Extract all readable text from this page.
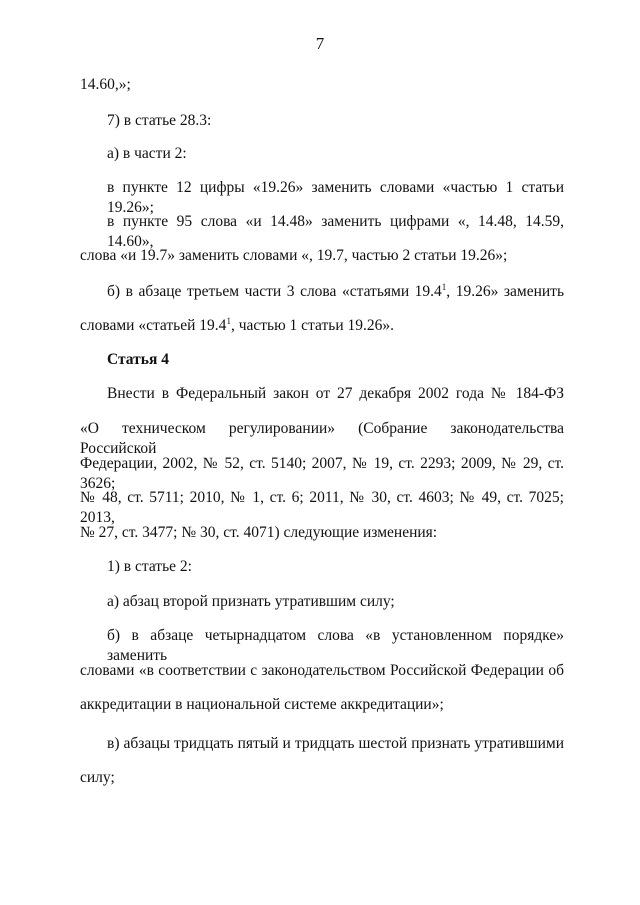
7
14.60,»;
7) в статье 28.3:
а) в части 2:
в пункте 12 цифры «19.26» заменить словами «частью 1 статьи 19.26»;
в пункте 95 слова «и 14.48» заменить цифрами «, 14.48, 14.59, 14.60»,
слова «и 19.7» заменить словами «, 19.7, частью 2 статьи 19.26»;
б) в абзаце третьем части 3 слова «статьями 19.4$^1$, 19.26» заменить
словами «статьей 19.4$^1$, частью 1 статьи 19.26».
Статья 4
Внести в Федеральный закон от 27 декабря 2002 года № 184-ФЗ
«О техническом регулировании» (Собрание законодательства Российской
Федерации, 2002, № 52, ст. 5140; 2007, № 19, ст. 2293; 2009, № 29, ст. 3626;
№ 48, ст. 5711; 2010, № 1, ст. 6; 2011, № 30, ст. 4603; № 49, ст. 7025; 2013,
№ 27, ст. 3477; № 30, ст. 4071) следующие изменения:
1) в статье 2:
а) абзац второй признать утратившим силу;
б) в абзаце четырнадцатом слова «в установленном порядке» заменить
словами «в соответствии с законодательством Российской Федерации об
аккредитации в национальной системе аккредитации»;
в) абзацы тридцать пятый и тридцать шестой признать утратившими
силу;
